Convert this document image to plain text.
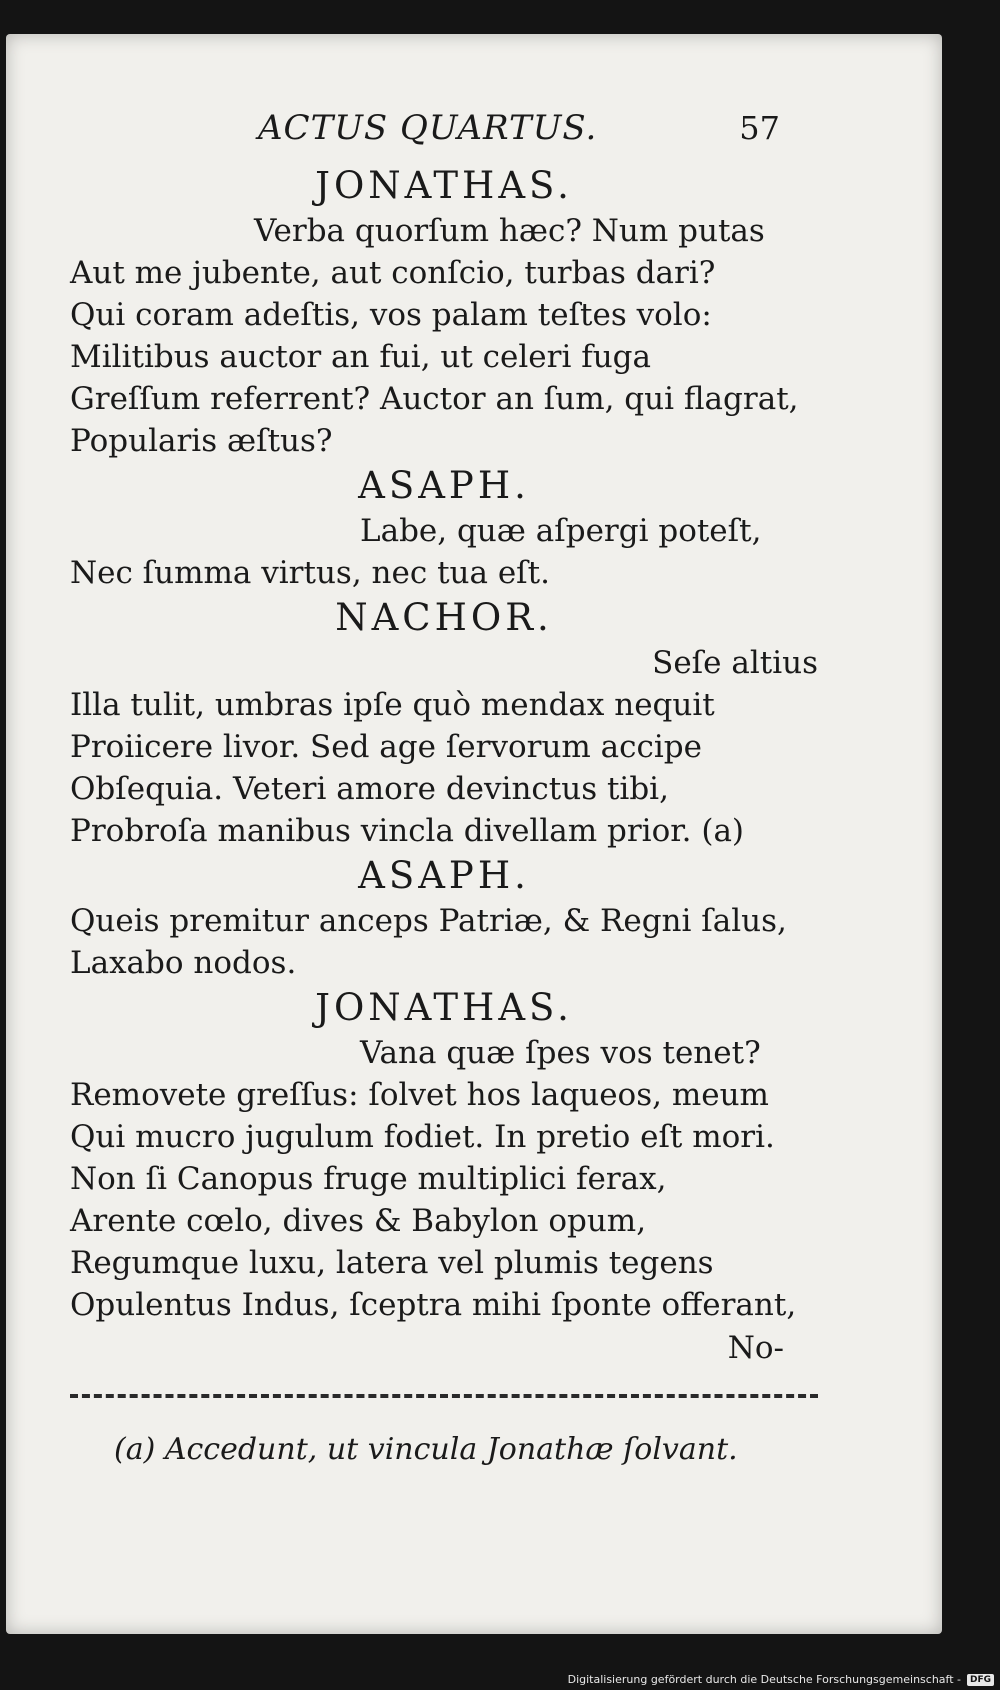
ACTUS QUARTUS.	57
JONATHAS.
Verba quorſum hæc? Num putas
Aut me jubente, aut conſcio, turbas dari?
Qui coram adeſtis, vos palam teſtes volo:
Militibus auctor an fui, ut celeri fuga
Greſſum referrent? Auctor an ſum, qui flagrat,
Popularis æſtus?
ASAPH.
Labe, quæ aſpergi poteſt,
Nec ſumma virtus, nec tua eſt.
NACHOR.
Seſe altius
Illa tulit, umbras ipſe quò mendax nequit
Proiicere livor. Sed age ſervorum accipe
Obſequia. Veteri amore devinctus tibi,
Probroſa manibus vincla divellam prior. (a)
ASAPH.
Queis premitur anceps Patriæ, & Regni ſalus,
Laxabo nodos.
JONATHAS.
Vana quæ ſpes vos tenet?
Removete greſſus: ſolvet hos laqueos, meum
Qui mucro jugulum fodiet. In pretio eſt mori.
Non ſi Canopus fruge multiplici ferax,
Arente cœlo, dives & Babylon opum,
Regumque luxu, latera vel plumis tegens
Opulentus Indus, ſceptra mihi ſponte offerant,
No-
(a) Accedunt, ut vincula Jonathæ ſolvant.
Digitalisierung gefördert durch die Deutsche Forschungsgemeinschaft -	DFG
